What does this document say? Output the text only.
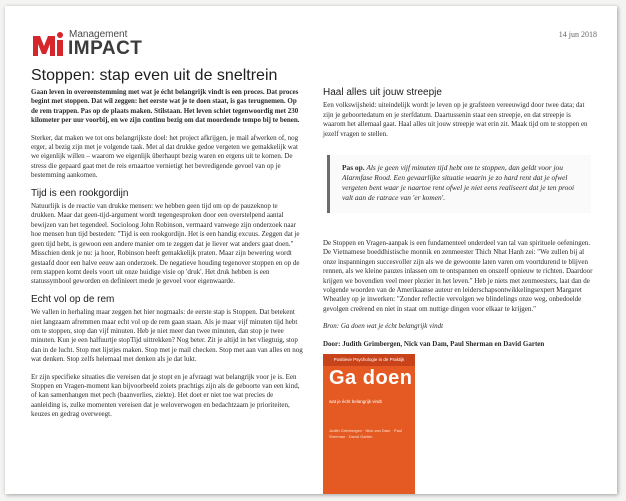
Management
IMPACT
14 jun 2018
Stoppen: stap even uit de sneltrein

Gaan leven in overeenstemming met wat je écht belangrijk vindt is een proces. Dat proces begint met stoppen. Dat wil zeggen: het eerste wat je te doen staat, is gas terugnemen. Op de rem trappen. Pas op de plaats maken. Stilstaan. Het leven schiet tegenwoordig met 230 kilometer per uur voorbij, en we zijn continu bezig om dat moordende tempo bij te benen.

Sterker, dat maken we tot ons belangrijkste doel: het project afkrijgen, je mail afwerken of, nog erger, al bezig zijn met je volgende taak. Met al dat drukke gedoe vergeten we gemakkelijk wat we eigenlijk willen – waarom we eigenlijk überhaupt bezig waren en ergens uit te komen. De stress die gepaard gaat met de reis ernaartoe vernietigt het bevredigende gevoel van op je bestemming aankomen.

Tijd is een rookgordijn

Natuurlijk is de reactie van drukke mensen: we hebben geen tijd om op de pauzeknop te drukken. Maar dat geen-tijd-argument wordt tegengesproken door een overstelpend aantal bewijzen van het tegendeel. Socioloog John Robinson, vermaard vanwege zijn onderzoek naar hoe mensen hun tijd besteden: "Tijd is een rookgordijn. Het is een handig excuus. Zeggen dat je geen tijd hebt, is gewoon een andere manier om te zeggen dat je liever wat anders gaat doen." Misschien denk je nu: ja hoor, Robinson heeft gemakkelijk praten. Maar zijn bewering wordt gestaafd door een halve eeuw aan onderzoek. De negatieve houding tegenover stoppen en op de rem stappen komt deels voort uit onze huidige visie op 'druk'. Het druk hebben is een statussymbool geworden en definieert mede je gevoel voor eigenwaarde.

Echt vol op de rem

We vallen in herhaling maar zeggen het hier nogmaals: de eerste stap is Stoppen. Dat betekent niet langzaam afremmen maar echt vol op de rem gaan staan. Als je maar vijf minuten tijd hebt om te stoppen, stop dan vijf minuten. Heb je niet meer dan twee minuten, dan stop je twee minuten. Kun je een halfuurtje stopTijd uittrekken? Nog beter. Zit je altijd in het vliegtuig, stop dan in de lucht. Stop met lijstjes maken. Stop met je mail checken. Stop met aan van alles en nog wat denken. Stop zelfs helemaal met denken als je dat lukt.

Er zijn specifieke situaties die vereisen dat je stopt en je afvraagt wat belangrijk voor je is. Een Stoppen en Vragen-moment kan bijvoorbeeld zoiets prachtigs zijn als de geboorte van een kind, of kan samenhangen met pech (baanverlies, ziekte). Het doet er niet toe wat precies de aanleiding is, zulke momenten vereisen dat je weloverwogen en bedachtzaam je prioriteiten, keuzes en gedrag overweegt.

Haal alles uit jouw streepje

Een volkswijsheid: uiteindelijk wordt je leven op je grafsteen vereeuwigd door twee data; dat zijn je geboortedatum en je sterfdatum. Daartussenin staat een streepje, en dat streepje is waarom het allemaal gaat. Haal alles uit jouw streepje wat erin zit. Maak tijd om te stoppen en jezelf vragen te stellen.

Pas op. Als je geen vijf minuten tijd hebt om te stoppen, dan geldt voor jou Alarmfase Rood. Een gevaarlijke situatie waarin je zo hard rent dat je ofwel vergeten bent waar je naartoe rent ofwel je niet eens realiseert dat je ten prooi valt aan de ratrace van 'er komen'.

De Stoppen en Vragen-aanpak is een fundamenteel onderdeel van tal van spirituele oefeningen. De Vietnamese boeddhistische monnik en zenmeester Thich Nhat Hanh zei: "We zullen bij al onze inspanningen succesvoller zijn als we de gewoonte laten varen om voortdurend te blijven rennen, als we kleine pauzes inlassen om te ontspannen en onszelf opnieuw te richten. Daardoor krijgen we bovendien veel meer plezier in het leven." Heb je niets met zenmeesters, laat dan de volgende woorden van de Amerikaanse auteur en leiderschapsontwikkelingsexpert Margaret Wheatley op je inwerken: "Zonder reflectie vervolgen we blindelings onze weg, onbedoelde gevolgen creërend en niet in staat om nuttige dingen voor elkaar te krijgen."

Bron: Ga doen wat je écht belangrijk vindt

Door: Judith Grimbergen, Nick van Dam, Paul Sherman en David Garten

Positieve Psychologie in de Praktijk
Ga doen
wat je écht belangrijk vindt
Judith Grimbergen · Nick van Dam · Paul Sherman · David Garten
